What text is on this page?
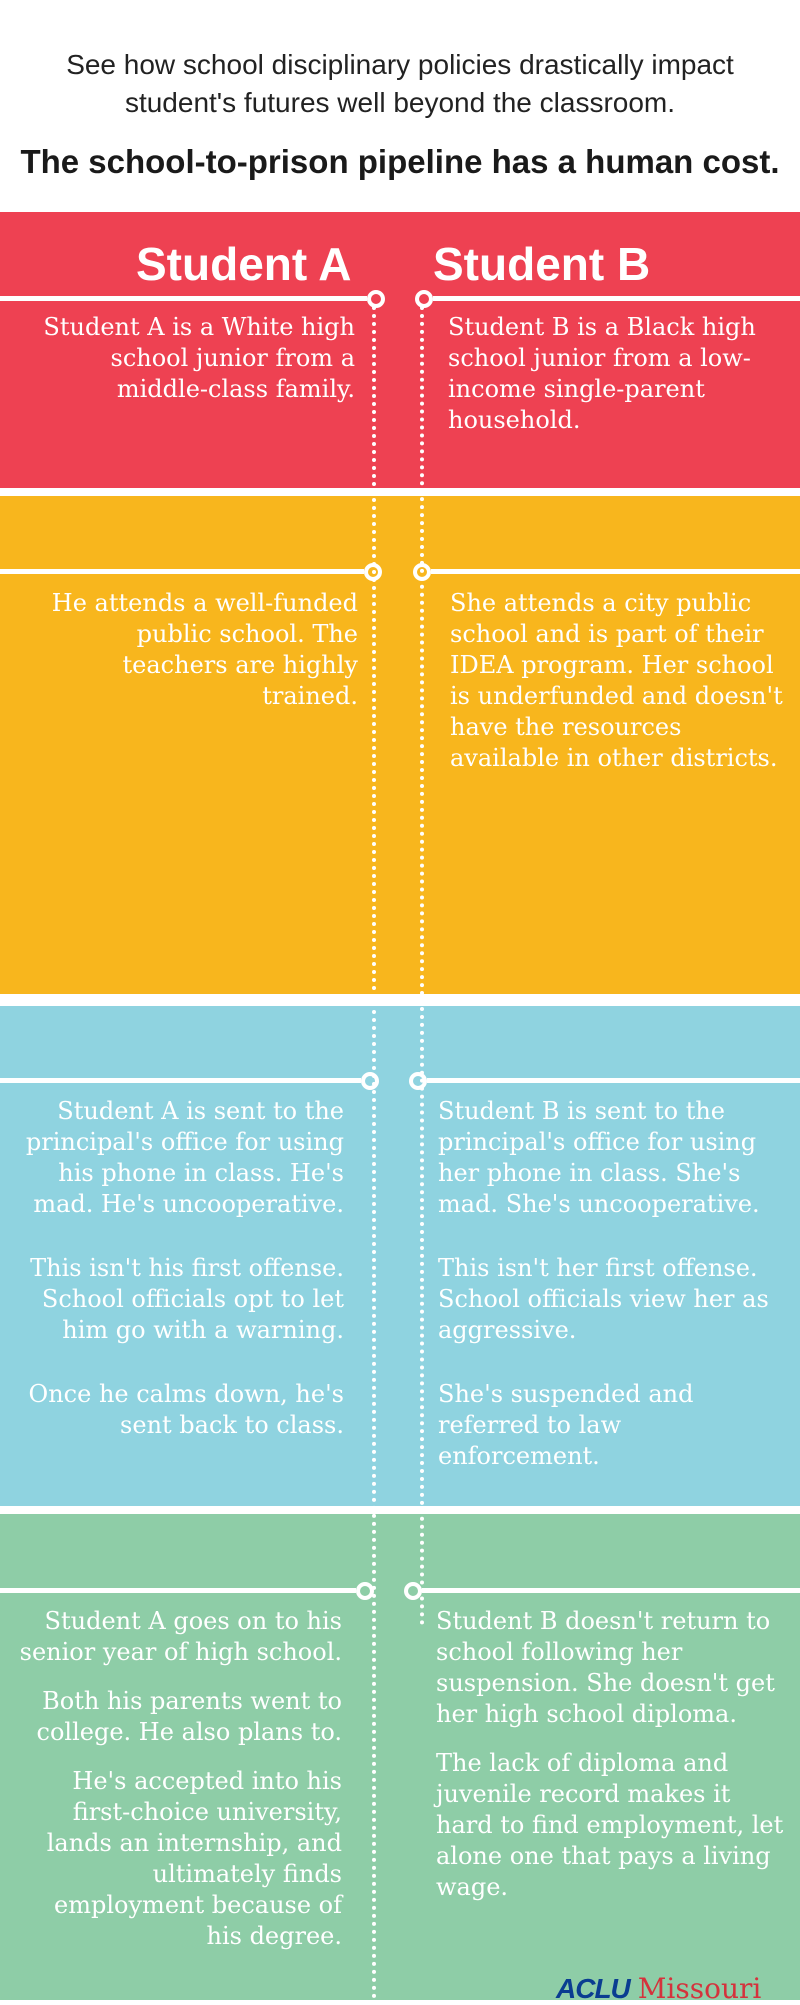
See how school disciplinary policies drastically impact student's futures well beyond the classroom.
The school-to-prison pipeline has a human cost.
Student A Student B

Student A is a White high school junior from a middle-class family.

Student B is a Black high school junior from a low-income single-parent household.

He attends a well-funded public school. The teachers are highly trained.

She attends a city public school and is part of their IDEA program. Her school is underfunded and doesn't have the resources available in other districts.

Student A is sent to the principal's office for using his phone in class. He's mad. He's uncooperative.

This isn't his first offense. School officials opt to let him go with a warning.

Once he calms down, he's sent back to class.

Student B is sent to the principal's office for using her phone in class. She's mad. She's uncooperative.

This isn't her first offense. School officials view her as aggressive.

She's suspended and referred to law enforcement.

Student A goes on to his senior year of high school.

Both his parents went to college. He also plans to.

He's accepted into his first-choice university, lands an internship, and ultimately finds employment because of his degree.

Student B doesn't return to school following her suspension. She doesn't get her high school diploma.

The lack of diploma and juvenile record makes it hard to find employment, let alone one that pays a living wage.

ACLU Missouri
